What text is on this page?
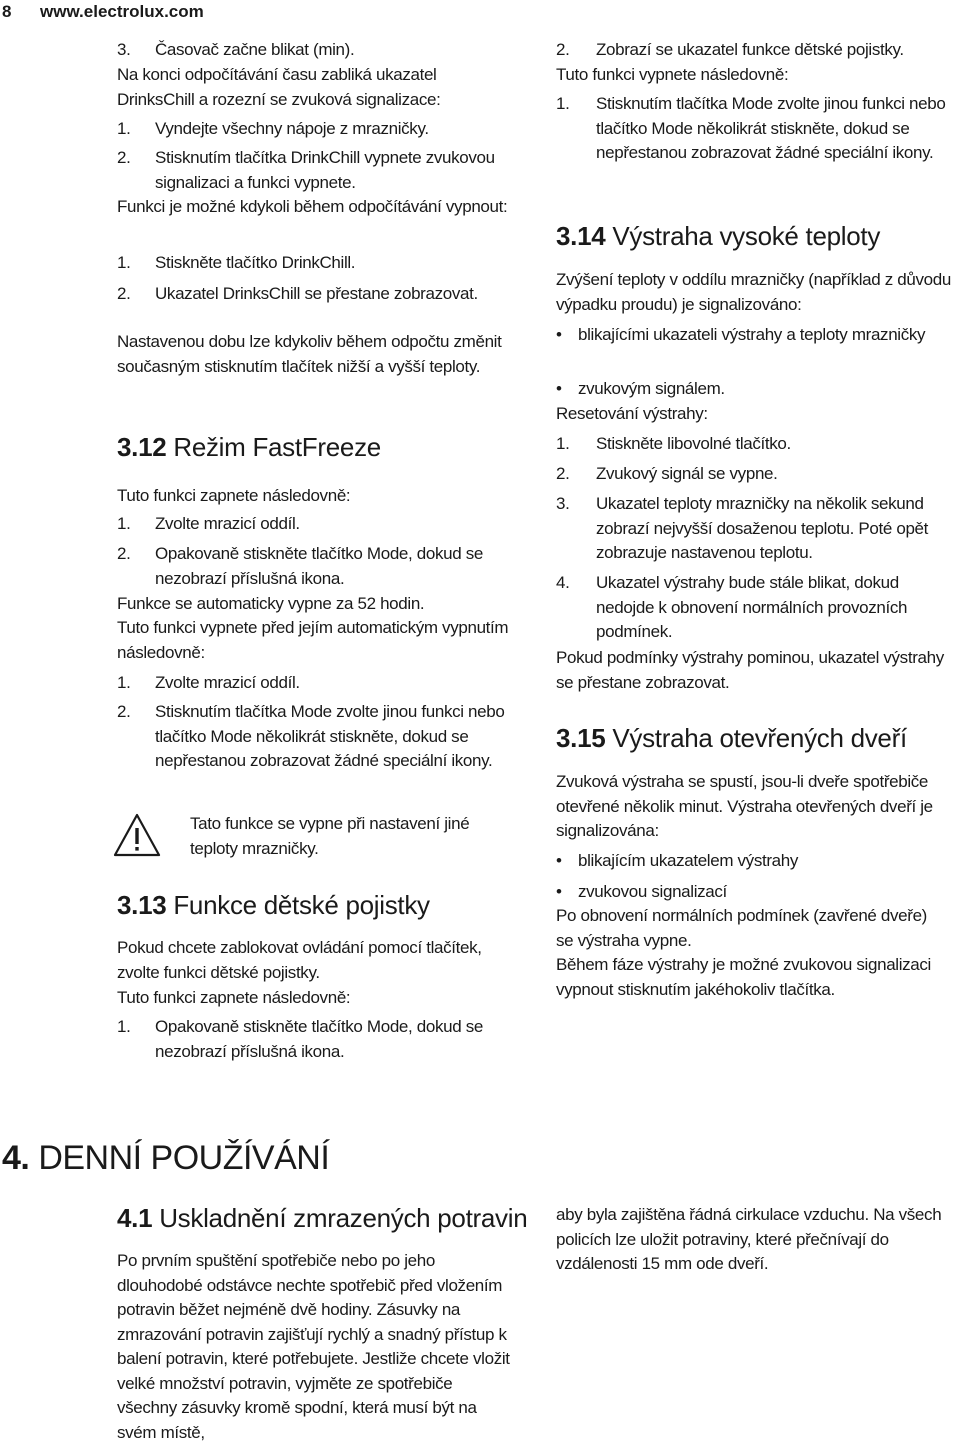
8 www.electrolux.com
3. Časovač začne blikat (min).
Na konci odpočítávání času zabliká ukazatel DrinksChill a rozezní se zvuková signalizace:
1. Vyndejte všechny nápoje z mrazničky.
2. Stisknutím tlačítka DrinkChill vypnete zvukovou signalizaci a funkci vypnete.
Funkci je možné kdykoli během odpočítávání vypnout:
1. Stiskněte tlačítko DrinkChill.
2. Ukazatel DrinksChill se přestane zobrazovat.
Nastavenou dobu lze kdykoliv během odpočtu změnit současným stisknutím tlačítek nižší a vyšší teploty.
3.12 Režim FastFreeze
Tuto funkci zapnete následovně:
1. Zvolte mrazicí oddíl.
2. Opakovaně stiskněte tlačítko Mode, dokud se nezobrazí příslušná ikona.
Funkce se automaticky vypne za 52 hodin.
Tuto funkci vypnete před jejím automatickým vypnutím následovně:
1. Zvolte mrazicí oddíl.
2. Stisknutím tlačítka Mode zvolte jinou funkci nebo tlačítko Mode několikrát stiskněte, dokud se nepřestanou zobrazovat žádné speciální ikony.
Tato funkce se vypne při nastavení jiné teploty mrazničky.
3.13 Funkce dětské pojistky
Pokud chcete zablokovat ovládání pomocí tlačítek, zvolte funkci dětské pojistky.
Tuto funkci zapnete následovně:
1. Opakovaně stiskněte tlačítko Mode, dokud se nezobrazí příslušná ikona.
2. Zobrazí se ukazatel funkce dětské pojistky.
Tuto funkci vypnete následovně:
1. Stisknutím tlačítka Mode zvolte jinou funkci nebo tlačítko Mode několikrát stiskněte, dokud se nepřestanou zobrazovat žádné speciální ikony.
3.14 Výstraha vysoké teploty
Zvýšení teploty v oddílu mrazničky (například z důvodu výpadku proudu) je signalizováno:
• blikajícími ukazateli výstrahy a teploty mrazničky
• zvukovým signálem.
Resetování výstrahy:
1. Stiskněte libovolné tlačítko.
2. Zvukový signál se vypne.
3. Ukazatel teploty mrazničky na několik sekund zobrazí nejvyšší dosaženou teplotu. Poté opět zobrazuje nastavenou teplotu.
4. Ukazatel výstrahy bude stále blikat, dokud nedojde k obnovení normálních provozních podmínek.
Pokud podmínky výstrahy pominou, ukazatel výstrahy se přestane zobrazovat.
3.15 Výstraha otevřených dveří
Zvuková výstraha se spustí, jsou-li dveře spotřebiče otevřené několik minut. Výstraha otevřených dveří je signalizována:
• blikajícím ukazatelem výstrahy
• zvukovou signalizací
Po obnovení normálních podmínek (zavřené dveře) se výstraha vypne.
Během fáze výstrahy je možné zvukovou signalizaci vypnout stisknutím jakéhokoliv tlačítka.
4. DENNÍ POUŽÍVÁNÍ
4.1 Uskladnění zmrazených potravin
Po prvním spuštění spotřebiče nebo po jeho dlouhodobé odstávce nechte spotřebič před vložením potravin běžet nejméně dvě hodiny. Zásuvky na zmrazování potravin zajišťují rychlý a snadný přístup k balení potravin, které potřebujete. Jestliže chcete vložit velké množství potravin, vyjměte ze spotřebiče všechny zásuvky kromě spodní, která musí být na svém místě,
aby byla zajištěna řádná cirkulace vzduchu. Na všech policích lze uložit potraviny, které přečnívají do vzdálenosti 15 mm ode dveří.
